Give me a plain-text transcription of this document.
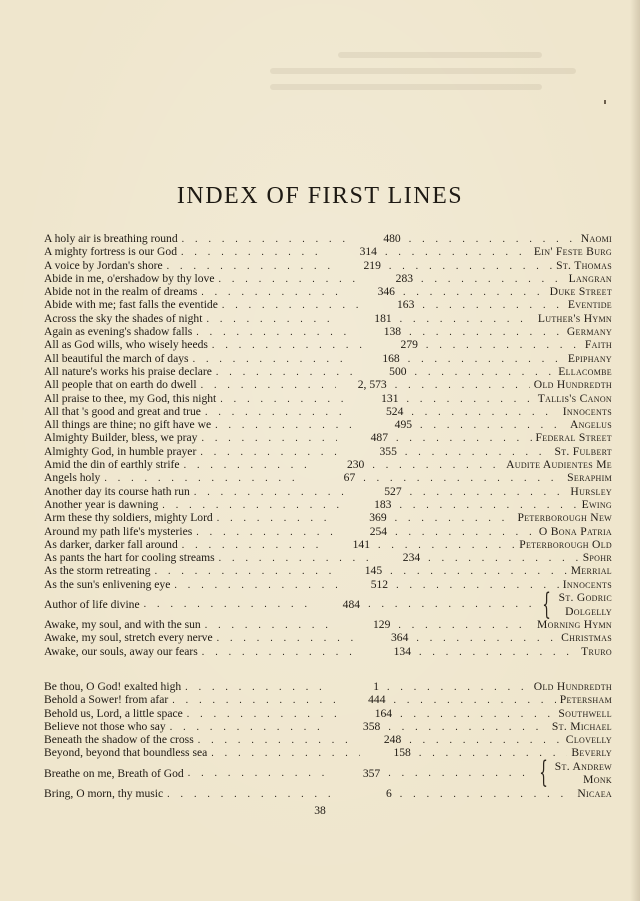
INDEX OF FIRST LINES
A holy air is breathing round . . .	480 . . .	Naomi
A mighty fortress is our God . . .	314 . . .	Ein' Feste Burg
A voice by Jordan's shore . . .	219 . . .	St. Thomas
Abide in me, o'ershadow by thy love . . .	283 . . .	Langran
Abide not in the realm of dreams . . .	346 . . .	Duke Street
Abide with me; fast falls the eventide . . .	163 . . .	Eventide
Across the sky the shades of night . . .	181 . . .	Luther's Hymn
Again as evening's shadow falls . . .	138 . . .	Germany
All as God wills, who wisely heeds . . .	279 . . .	Faith
All beautiful the march of days . . .	168 . . .	Epiphany
All nature's works his praise declare . . .	500 . . .	Ellacombe
All people that on earth do dwell . . .	2, 573 . . .	Old Hundredth
All praise to thee, my God, this night . . .	131 . . .	Tallis's Canon
All that 's good and great and true . . .	524 . . .	Innocents
All things are thine; no gift have we . . .	495 . . .	Angelus
Almighty Builder, bless, we pray . . .	487 . . .	Federal Street
Almighty God, in humble prayer . . .	355 . . .	St. Fulbert
Amid the din of earthly strife . . .	230 . . .	Audite Audientes Me
Angels holy . . .	67 . . .	Seraphim
Another day its course hath run . . .	527 . . .	Hursley
Another year is dawning . . .	183 . . .	Ewing
Arm these thy soldiers, mighty Lord . . .	369 . . .	Peterborough New
Around my path life's mysteries . . .	254 . . .	O Bona Patria
As darker, darker fall around . . .	141 . . .	Peterborough Old
As pants the hart for cooling streams . . .	234 . . .	Spohr
As the storm retreating . . .	145 . . .	Merrial
As the sun's enlivening eye . . .	512 . . .	Innocents
Author of life divine . . .	484 . . .	{ St. Godric
Dolgelly
Awake, my soul, and with the sun . . .	129 . . .	Morning Hymn
Awake, my soul, stretch every nerve . . .	364 . . .	Christmas
Awake, our souls, away our fears . . .	134 . . .	Truro
Be thou, O God! exalted high . . .	1 . . .	Old Hundredth
Behold a Sower! from afar . . .	444 . . .	Petersham
Behold us, Lord, a little space . . .	164 . . .	Southwell
Believe not those who say . . .	358 . . .	St. Michael
Beneath the shadow of the cross . . .	248 . . .	Clovelly
Beyond, beyond that boundless sea . . .	158 . . .	Beverly
Breathe on me, Breath of God . . .	357 . . .	{ St. Andrew
Monk
Bring, O morn, thy music . . .	6 . . .	Nicaea
38
